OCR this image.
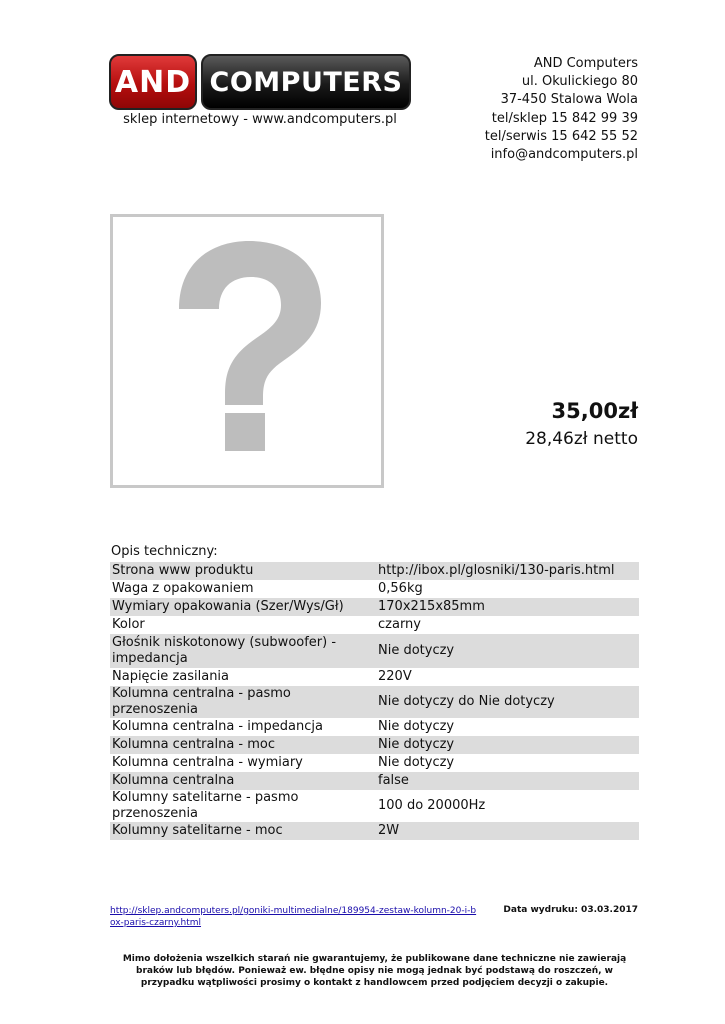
AND COMPUTERS
sklep internetowy - www.andcomputers.pl
AND Computers
ul. Okulickiego 80
37-450 Stalowa Wola
tel/sklep 15 842 99 39
tel/serwis 15 642 55 52
info@andcomputers.pl
35,00zł
28,46zł netto
Opis techniczny:
Strona www produktu	http://ibox.pl/glosniki/130-paris.html
Waga z opakowaniem	0,56kg
Wymiary opakowania (Szer/Wys/Gł)	170x215x85mm
Kolor	czarny
Głośnik niskotonowy (subwoofer) - impedancja	Nie dotyczy
Napięcie zasilania	220V
Kolumna centralna - pasmo przenoszenia	Nie dotyczy do Nie dotyczy
Kolumna centralna - impedancja	Nie dotyczy
Kolumna centralna - moc	Nie dotyczy
Kolumna centralna - wymiary	Nie dotyczy
Kolumna centralna	false
Kolumny satelitarne - pasmo przenoszenia	100 do 20000Hz
Kolumny satelitarne - moc	2W
http://sklep.andcomputers.pl/goniki-multimedialne/189954-zestaw-kolumn-20-i-box-paris-czarny.html
Data wydruku: 03.03.2017
Mimo dołożenia wszelkich starań nie gwarantujemy, że publikowane dane techniczne nie zawierają braków lub błędów. Ponieważ ew. błędne opisy nie mogą jednak być podstawą do roszczeń, w przypadku wątpliwości prosimy o kontakt z handlowcem przed podjęciem decyzji o zakupie.
